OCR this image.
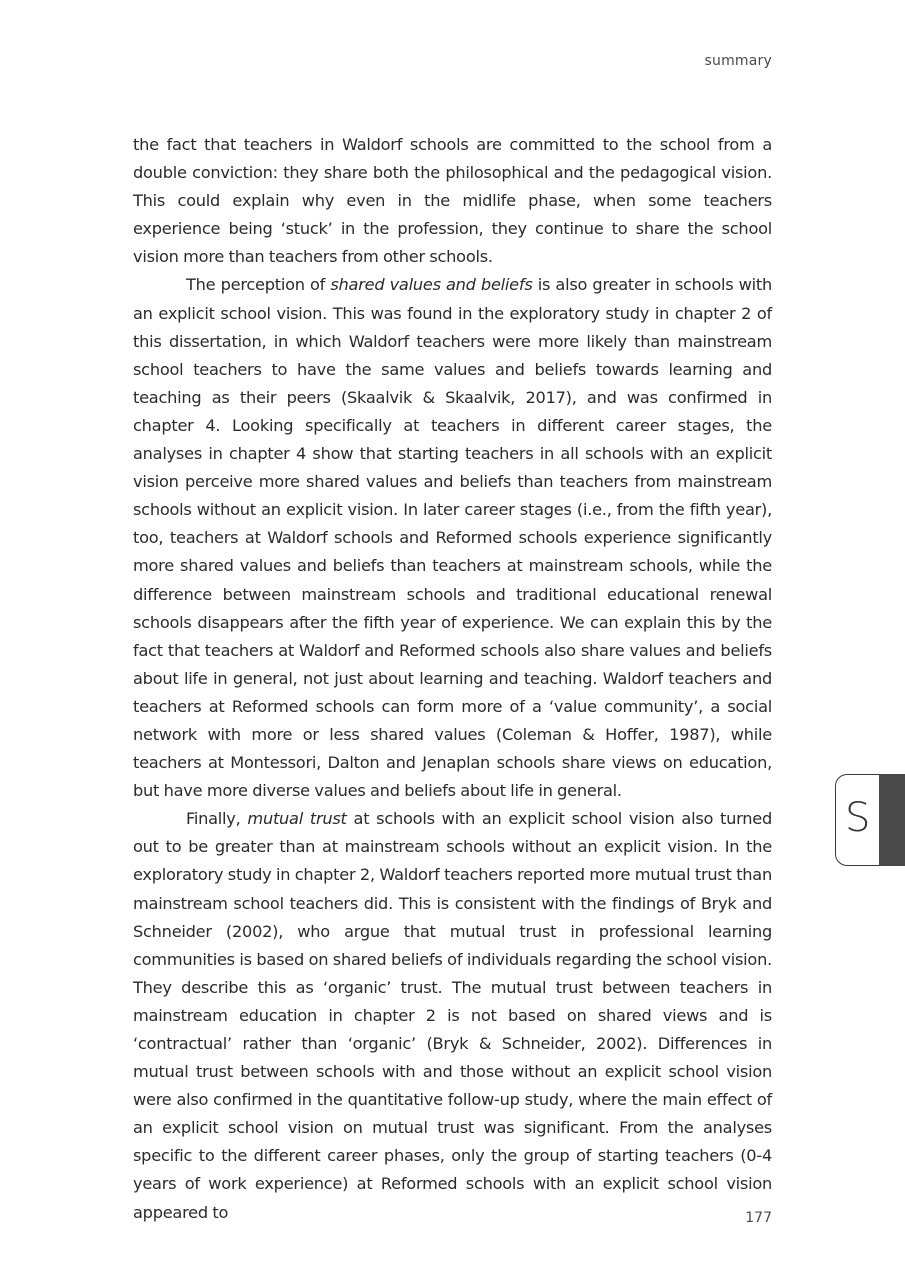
summary

the fact that teachers in Waldorf schools are committed to the school from a double conviction: they share both the philosophical and the pedagogical vision. This could explain why even in the midlife phase, when some teachers experience being ‘stuck’ in the profession, they continue to share the school vision more than teachers from other schools.

The perception of shared values and beliefs is also greater in schools with an explicit school vision. This was found in the exploratory study in chapter 2 of this dissertation, in which Waldorf teachers were more likely than mainstream school teachers to have the same values and beliefs towards learning and teaching as their peers (Skaalvik & Skaalvik, 2017), and was confirmed in chapter 4. Looking specifically at teachers in different career stages, the analyses in chapter 4 show that starting teachers in all schools with an explicit vision perceive more shared values and beliefs than teachers from mainstream schools without an explicit vision. In later career stages (i.e., from the fifth year), too, teachers at Waldorf schools and Reformed schools experience significantly more shared values and beliefs than teachers at mainstream schools, while the difference between mainstream schools and traditional educational renewal schools disappears after the fifth year of experience. We can explain this by the fact that teachers at Waldorf and Reformed schools also share values and beliefs about life in general, not just about learning and teaching. Waldorf teachers and teachers at Reformed schools can form more of a ‘value community’, a social network with more or less shared values (Coleman & Hoffer, 1987), while teachers at Montessori, Dalton and Jenaplan schools share views on education, but have more diverse values and beliefs about life in general.

Finally, mutual trust at schools with an explicit school vision also turned out to be greater than at mainstream schools without an explicit vision. In the exploratory study in chapter 2, Waldorf teachers reported more mutual trust than mainstream school teachers did. This is consistent with the findings of Bryk and Schneider (2002), who argue that mutual trust in professional learning communities is based on shared beliefs of individuals regarding the school vision. They describe this as ‘organic’ trust. The mutual trust between teachers in mainstream education in chapter 2 is not based on shared views and is ‘contractual’ rather than ‘organic’ (Bryk & Schneider, 2002). Differences in mutual trust between schools with and those without an explicit school vision were also confirmed in the quantitative follow-up study, where the main effect of an explicit school vision on mutual trust was significant. From the analyses specific to the different career phases, only the group of starting teachers (0-4 years of work experience) at Reformed schools with an explicit school vision appeared to

S
177
